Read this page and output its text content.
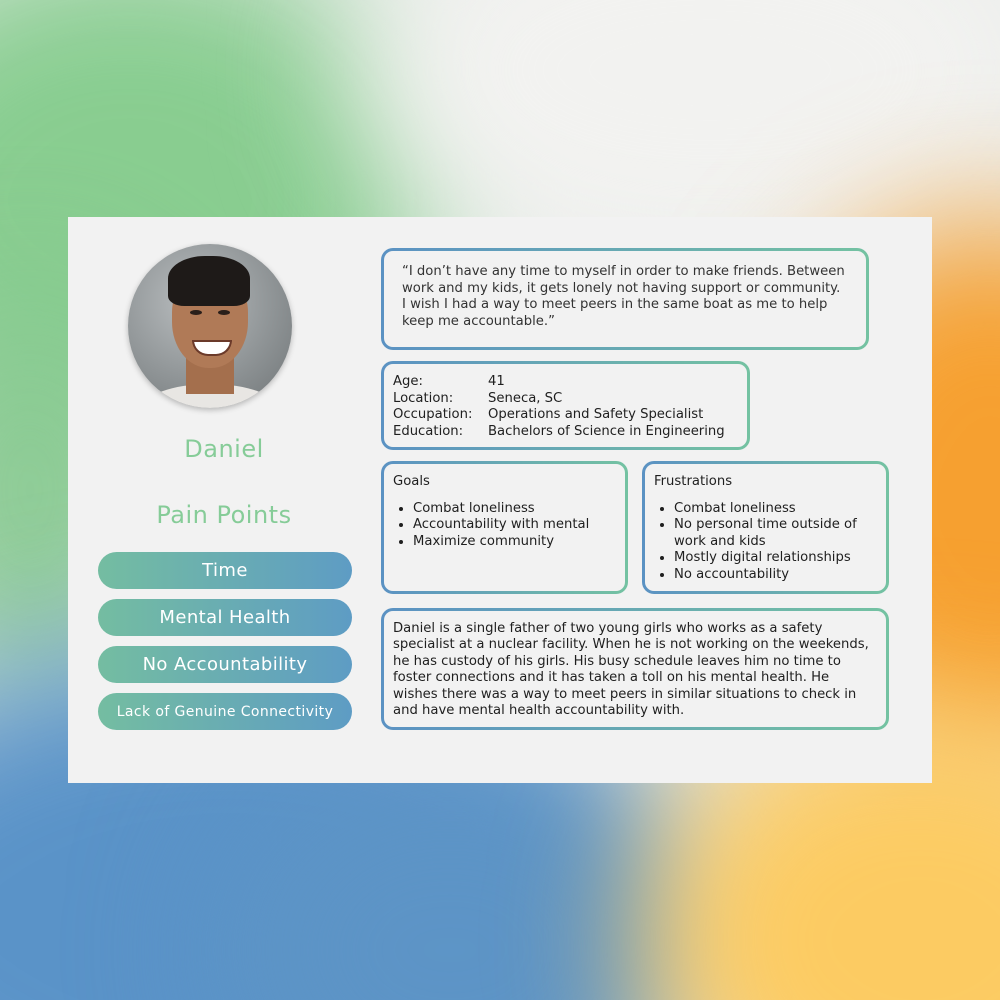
Daniel
Pain Points
Time
Mental Health
No Accountability
Lack of Genuine Connectivity
“I don’t have any time to myself in order to make friends. Between work and my kids, it gets lonely not having support or community. I wish I had a way to meet peers in the same boat as me to help keep me accountable.”
Age:	41
Location:	Seneca, SC
Occupation:	Operations and Safety Specialist
Education:	Bachelors of Science in Engineering
Goals
• Combat loneliness
• Accountability with mental
• Maximize community
Frustrations
• Combat loneliness
• No personal time outside of work and kids
• Mostly digital relationships
• No accountability
Daniel is a single father of two young girls who works as a safety specialist at a nuclear facility. When he is not working on the weekends, he has custody of his girls. His busy schedule leaves him no time to foster connections and it has taken a toll on his mental health. He wishes there was a way to meet peers in similar situations to check in and have mental health accountability with.
